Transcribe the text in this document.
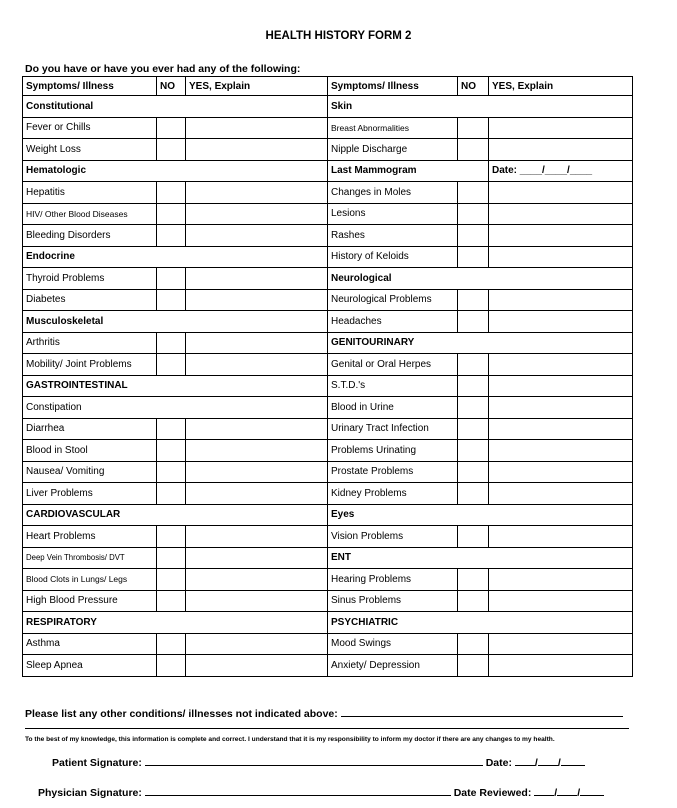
HEALTH HISTORY FORM 2
Do you have or have you ever had any of the following:
Symptoms/ Illness	NO	YES, Explain	Symptoms/ Illness	NO	YES, Explain
Constitutional			Skin		
Fever or Chills			Breast Abnormalities		
Weight Loss			Nipple Discharge		
Hematologic			Last Mammogram		Date: ____/____/____
Hepatitis			Changes in Moles		
HIV/ Other Blood Diseases			Lesions		
Bleeding Disorders			Rashes		
Endocrine			History of Keloids		
Thyroid Problems			Neurological		
Diabetes			Neurological Problems		
Musculoskeletal			Headaches		
Arthritis			GENITOURINARY		
Mobility/ Joint Problems			Genital or Oral Herpes		
GASTROINTESTINAL			S.T.D.'s		
Constipation			Blood in Urine		
Diarrhea			Urinary Tract Infection		
Blood in Stool			Problems Urinating		
Nausea/ Vomiting			Prostate Problems		
Liver Problems			Kidney Problems		
CARDIOVASCULAR			Eyes		
Heart Problems			Vision Problems		
Deep Vein Thrombosis/ DVT			ENT		
Blood Clots in Lungs/ Legs			Hearing Problems		
High Blood Pressure			Sinus Problems		
RESPIRATORY			PSYCHIATRIC		
Asthma			Mood Swings		
Sleep Apnea			Anxiety/ Depression		
Please list any other conditions/ illnesses not indicated above:
To the best of my knowledge, this information is complete and correct. I understand that it is my responsibility to inform my doctor if there are any changes to my health.
Patient Signature:	Date: / /
Physician Signature:	Date Reviewed: / /
